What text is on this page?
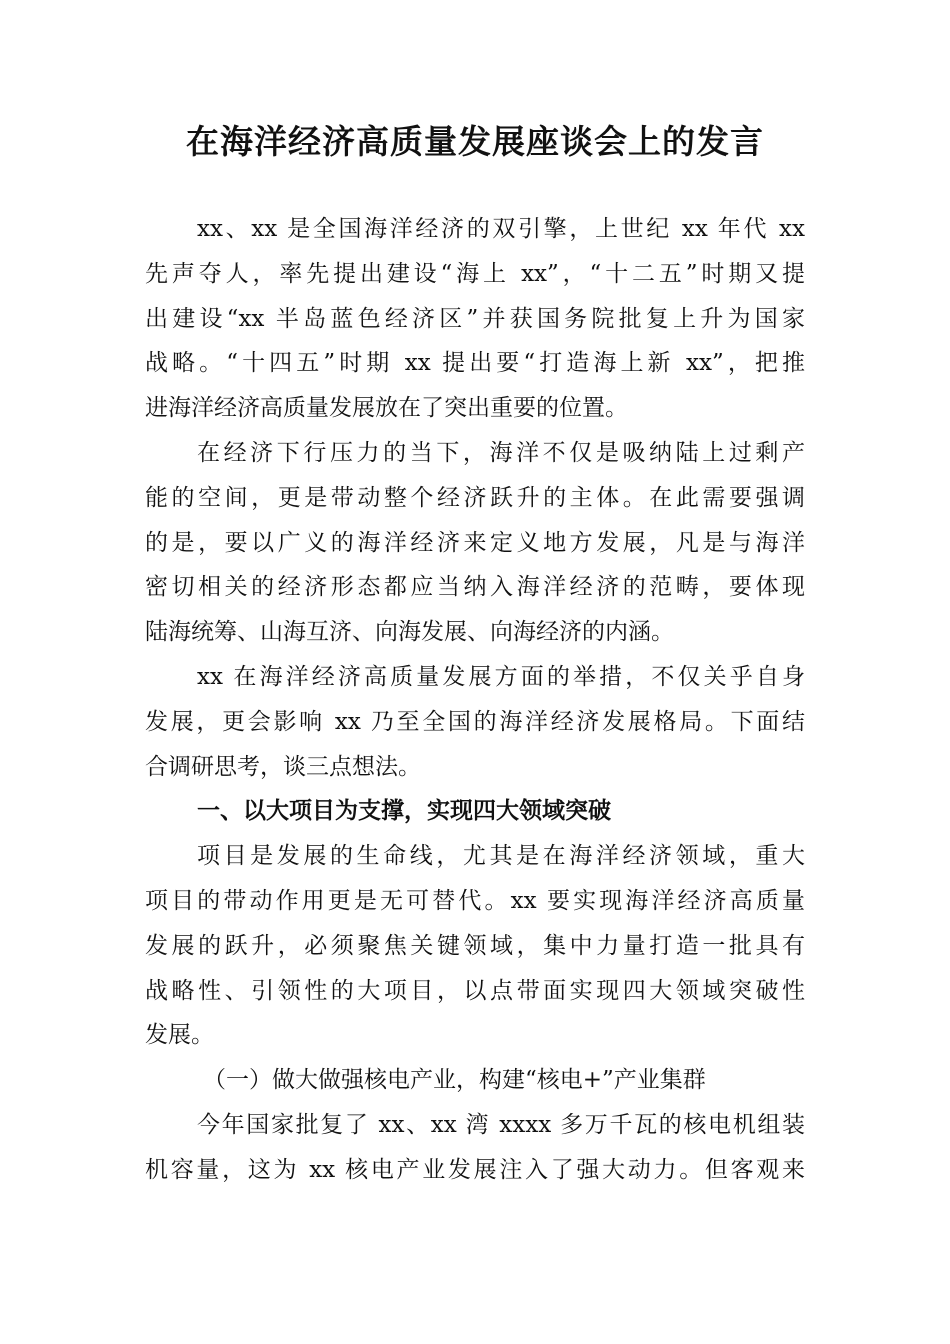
在海洋经济高质量发展座谈会上的发言
xx、xx 是全国海洋经济的双引擎，上世纪 xx 年代 xx
先声夺人，率先提出建设“海上 xx”，“十二五”时期又提
出建设“xx 半岛蓝色经济区”并获国务院批复上升为国家
战略。“十四五”时期 xx 提出要“打造海上新 xx”，把推
进海洋经济高质量发展放在了突出重要的位置。
在经济下行压力的当下，海洋不仅是吸纳陆上过剩产
能的空间，更是带动整个经济跃升的主体。在此需要强调
的是，要以广义的海洋经济来定义地方发展，凡是与海洋
密切相关的经济形态都应当纳入海洋经济的范畴，要体现
陆海统筹、山海互济、向海发展、向海经济的内涵。
xx 在海洋经济高质量发展方面的举措，不仅关乎自身
发展，更会影响 xx 乃至全国的海洋经济发展格局。下面结
合调研思考，谈三点想法。
一、以大项目为支撑，实现四大领域突破
项目是发展的生命线，尤其是在海洋经济领域，重大
项目的带动作用更是无可替代。xx 要实现海洋经济高质量
发展的跃升，必须聚焦关键领域，集中力量打造一批具有
战略性、引领性的大项目，以点带面实现四大领域突破性
发展。
（一）做大做强核电产业，构建“核电+”产业集群
今年国家批复了 xx、xx 湾 xxxx 多万千瓦的核电机组装
机容量，这为 xx 核电产业发展注入了强大动力。但客观来
